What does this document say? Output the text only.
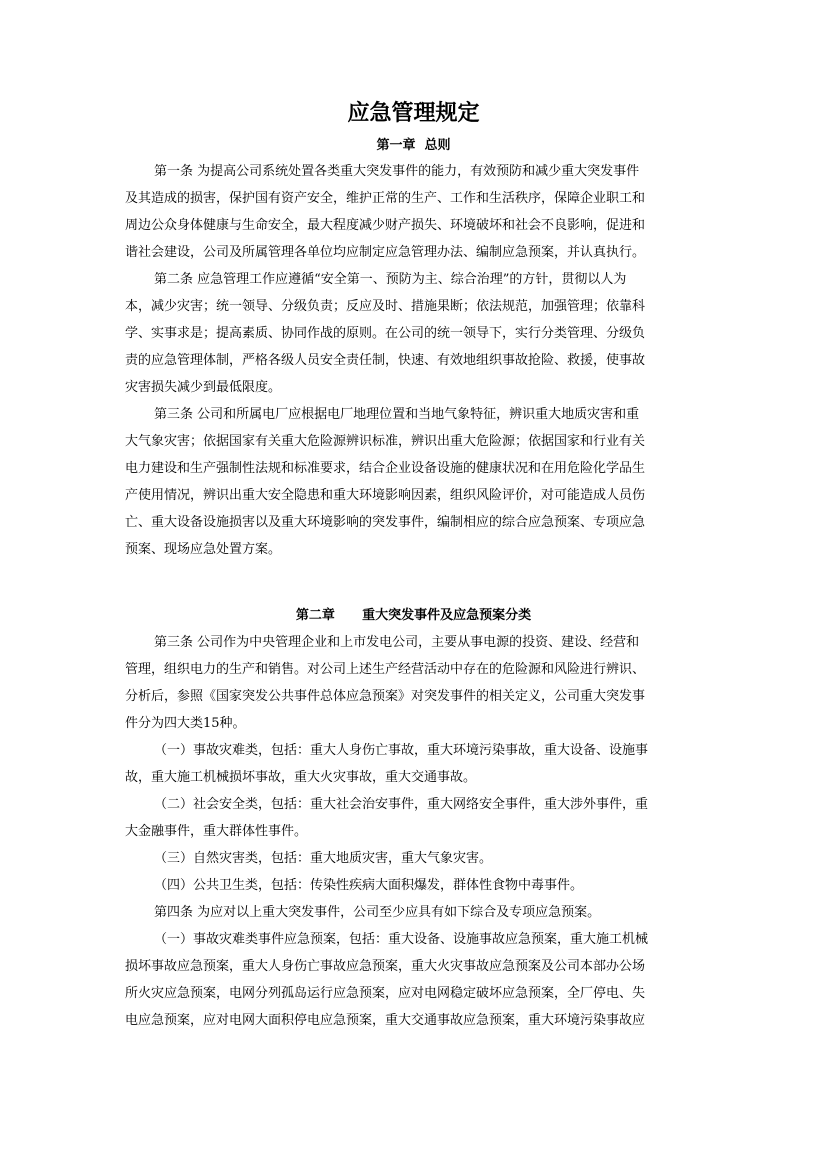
应急管理规定
第一章  总则
第一条 为提高公司系统处置各类重大突发事件的能力，有效预防和减少重大突发事件
及其造成的损害，保护国有资产安全，维护正常的生产、工作和生活秩序，保障企业职工和
周边公众身体健康与生命安全，最大程度减少财产损失、环境破坏和社会不良影响，促进和
谐社会建设，公司及所属管理各单位均应制定应急管理办法、编制应急预案，并认真执行。
第二条 应急管理工作应遵循“安全第一、预防为主、综合治理”的方针，贯彻以人为
本，减少灾害；统一领导、分级负责；反应及时、措施果断；依法规范，加强管理；依靠科
学、实事求是；提高素质、协同作战的原则。在公司的统一领导下，实行分类管理、分级负
责的应急管理体制，严格各级人员安全责任制，快速、有效地组织事故抢险、救援，使事故
灾害损失减少到最低限度。
第三条 公司和所属电厂应根据电厂地理位置和当地气象特征，辨识重大地质灾害和重
大气象灾害；依据国家有关重大危险源辨识标准，辨识出重大危险源；依据国家和行业有关
电力建设和生产强制性法规和标准要求，结合企业设备设施的健康状况和在用危险化学品生
产使用情况，辨识出重大安全隐患和重大环境影响因素，组织风险评价，对可能造成人员伤
亡、重大设备设施损害以及重大环境影响的突发事件，编制相应的综合应急预案、专项应急
预案、现场应急处置方案。
第二章      重大突发事件及应急预案分类
第三条 公司作为中央管理企业和上市发电公司，主要从事电源的投资、建设、经营和
管理，组织电力的生产和销售。对公司上述生产经营活动中存在的危险源和风险进行辨识、
分析后，参照《国家突发公共事件总体应急预案》对突发事件的相关定义，公司重大突发事
件分为四大类15种。
（一）事故灾难类，包括：重大人身伤亡事故，重大环境污染事故，重大设备、设施事
故，重大施工机械损坏事故，重大火灾事故，重大交通事故。
（二）社会安全类，包括：重大社会治安事件，重大网络安全事件，重大涉外事件，重
大金融事件，重大群体性事件。
（三）自然灾害类，包括：重大地质灾害，重大气象灾害。
（四）公共卫生类，包括：传染性疾病大面积爆发，群体性食物中毒事件。
第四条 为应对以上重大突发事件，公司至少应具有如下综合及专项应急预案。
（一）事故灾难类事件应急预案，包括：重大设备、设施事故应急预案，重大施工机械
损坏事故应急预案，重大人身伤亡事故应急预案，重大火灾事故应急预案及公司本部办公场
所火灾应急预案，电网分列孤岛运行应急预案，应对电网稳定破坏应急预案，全厂停电、失
电应急预案，应对电网大面积停电应急预案，重大交通事故应急预案，重大环境污染事故应
